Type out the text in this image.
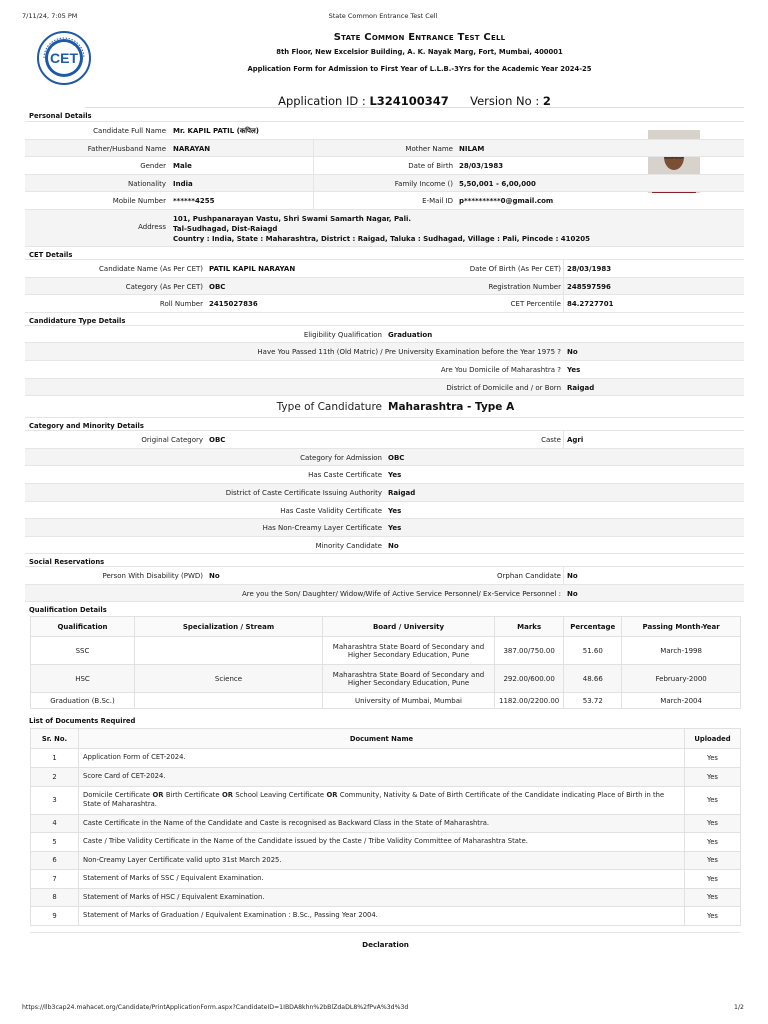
7/11/24, 7:05 PM	State Common Entrance Test Cell
CET
State Common Entrance Test Cell
8th Floor, New Excelsior Building, A. K. Nayak Marg, Fort, Mumbai, 400001
Application Form for Admission to First Year of L.L.B.-3Yrs for the Academic Year 2024-25
Application ID : L324100347 Version No : 2
Personal Details
Candidate Full Name Mr. KAPIL PATIL (कपिल)
Father/Husband Name NARAYAN	Mother Name NILAM
Gender Male	Date of Birth 28/03/1983
Nationality India	Family Income () 5,50,001 - 6,00,000
Mobile Number ******4255	E-Mail ID p**********0@gmail.com
Address
101, Pushpanarayan Vastu, Shri Swami Samarth Nagar, Pali.
Tal-Sudhagad, Dist-Raiagd
Country : India, State : Maharashtra, District : Raigad, Taluka : Sudhagad, Village : Pali, Pincode : 410205
CET Details
Candidate Name (As Per CET) PATIL KAPIL NARAYAN	Date Of Birth (As Per CET) 28/03/1983
Category (As Per CET) OBC	Registration Number 248597596
Roll Number 2415027836	CET Percentile 84.2727701
Candidature Type Details
Eligibility Qualification Graduation
Have You Passed 11th (Old Matric) / Pre University Examination before the Year 1975 ? No
Are You Domicile of Maharashtra ? Yes
District of Domicile and / or Born Raigad
Type of Candidature Maharashtra - Type A
Category and Minority Details
Original Category OBC	Caste Agri
Category for Admission OBC
Has Caste Certificate Yes
District of Caste Certificate Issuing Authority Raigad
Has Caste Validity Certificate Yes
Has Non-Creamy Layer Certificate Yes
Minority Candidate No
Social Reservations
Person With Disability (PWD) No	Orphan Candidate No
Are you the Son/ Daughter/ Widow/Wife of Active Service Personnel/ Ex-Service Personnel : No
Qualification Details
Qualification	Specialization / Stream	Board / University	Marks	Percentage	Passing Month-Year
SSC		Maharashtra State Board of Secondary and Higher Secondary Education, Pune	387.00/750.00	51.60	March-1998
HSC	Science	Maharashtra State Board of Secondary and Higher Secondary Education, Pune	292.00/600.00	48.66	February-2000
Graduation (B.Sc.)		University of Mumbai, Mumbai	1182.00/2200.00	53.72	March-2004
List of Documents Required
Sr. No.	Document Name	Uploaded
1	Application Form of CET-2024.	Yes
2	Score Card of CET-2024.	Yes
3	Domicile Certificate OR Birth Certificate OR School Leaving Certificate OR Community, Nativity & Date of Birth Certificate of the Candidate indicating Place of Birth in the State of Maharashtra.	Yes
4	Caste Certificate in the Name of the Candidate and Caste is recognised as Backward Class in the State of Maharashtra.	Yes
5	Caste / Tribe Validity Certificate in the Name of the Candidate issued by the Caste / Tribe Validity Committee of Maharashtra State.	Yes
6	Non-Creamy Layer Certificate valid upto 31st March 2025.	Yes
7	Statement of Marks of SSC / Equivalent Examination.	Yes
8	Statement of Marks of HSC / Equivalent Examination.	Yes
9	Statement of Marks of Graduation / Equivalent Examination : B.Sc., Passing Year 2004.	Yes
Declaration
https://llb3cap24.mahacet.org/Candidate/PrintApplicationForm.aspx?CandidateID=1IBDA8khn%2bBlZdaDL8%2fPvA%3d%3d	1/2
